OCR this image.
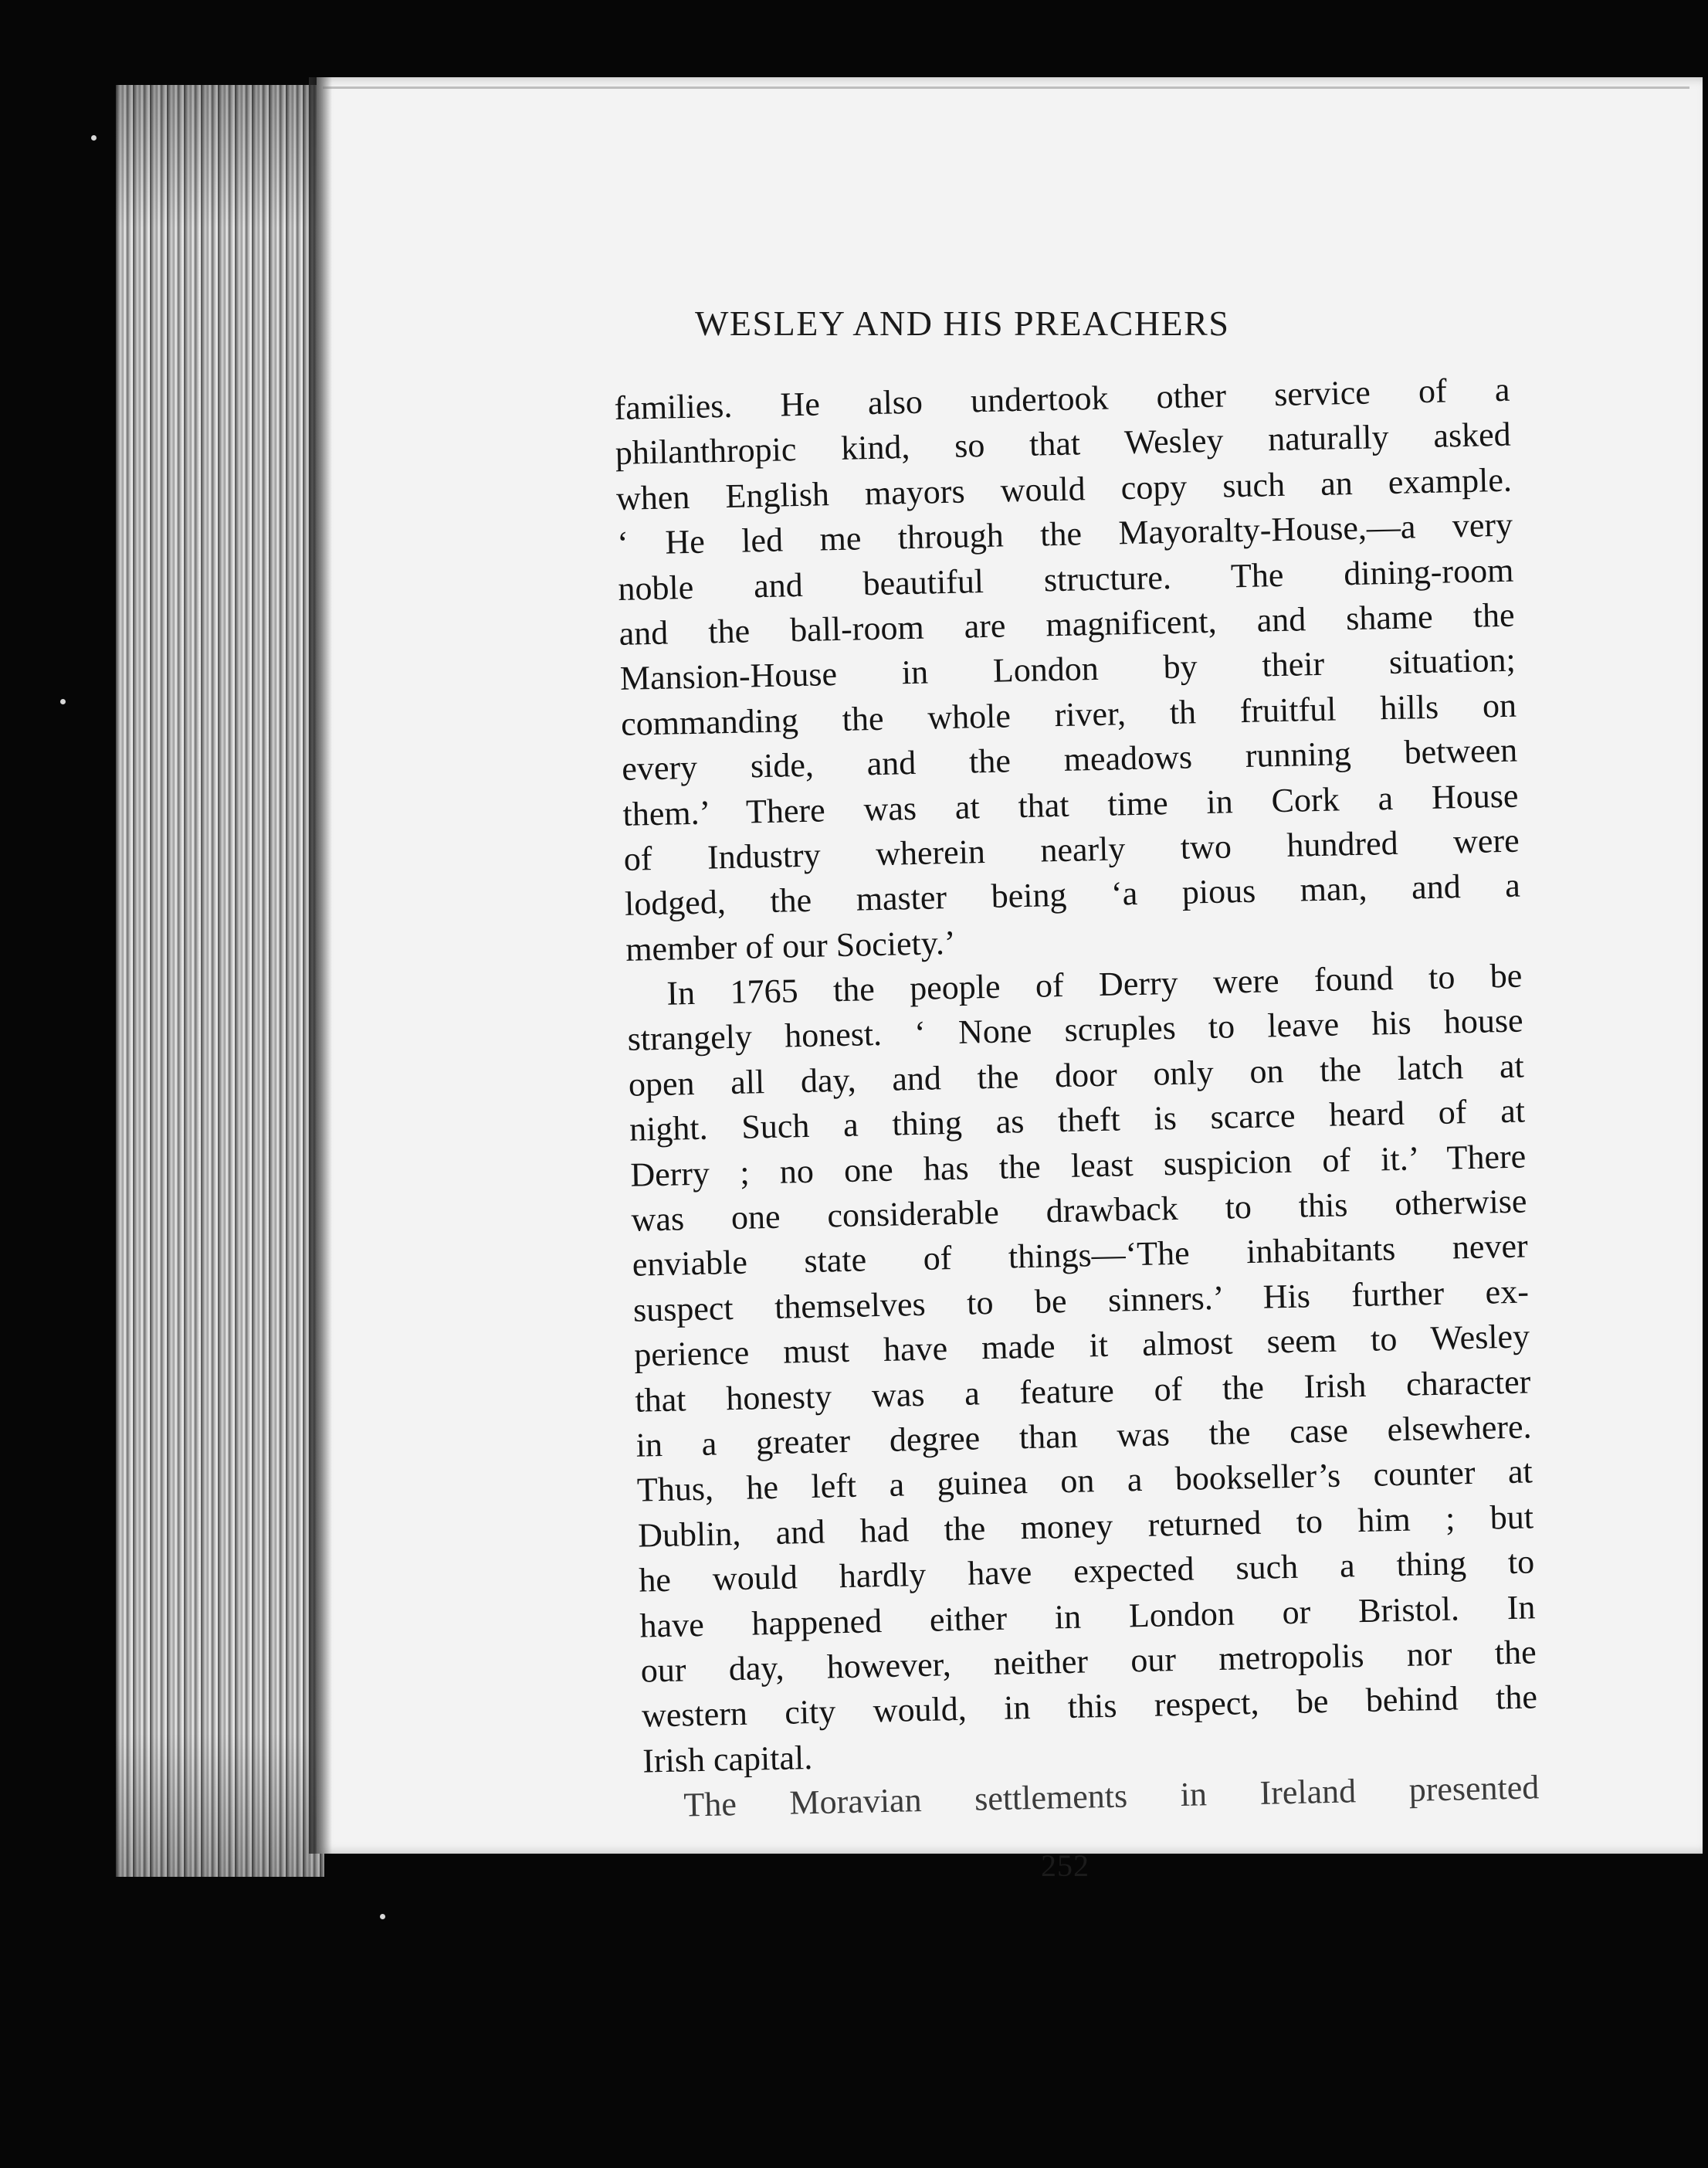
WESLEY AND HIS PREACHERS
families. He also undertook other service of a
philanthropic kind, so that Wesley naturally asked
when English mayors would copy such an example.
‘ He led me through the Mayoralty-House,—a very
noble and beautiful structure. The dining-room
and the ball-room are magnificent, and shame the
Mansion-House in London by their situation;
commanding the whole river, th fruitful hills on
every side, and the meadows running between
them.’ There was at that time in Cork a House
of Industry wherein nearly two hundred were
lodged, the master being ‘a pious man, and a
member of our Society.’
In 1765 the people of Derry were found to be
strangely honest. ‘ None scruples to leave his house
open all day, and the door only on the latch at
night. Such a thing as theft is scarce heard of at
Derry ; no one has the least suspicion of it.’ There
was one considerable drawback to this otherwise
enviable state of things—‘The inhabitants never
suspect themselves to be sinners.’ His further ex-
perience must have made it almost seem to Wesley
that honesty was a feature of the Irish character
in a greater degree than was the case elsewhere.
Thus, he left a guinea on a bookseller’s counter at
Dublin, and had the money returned to him ; but
he would hardly have expected such a thing to
have happened either in London or Bristol. In
our day, however, neither our metropolis nor the
western city would, in this respect, be behind the
Irish capital.
The Moravian settlements in Ireland presented

252
